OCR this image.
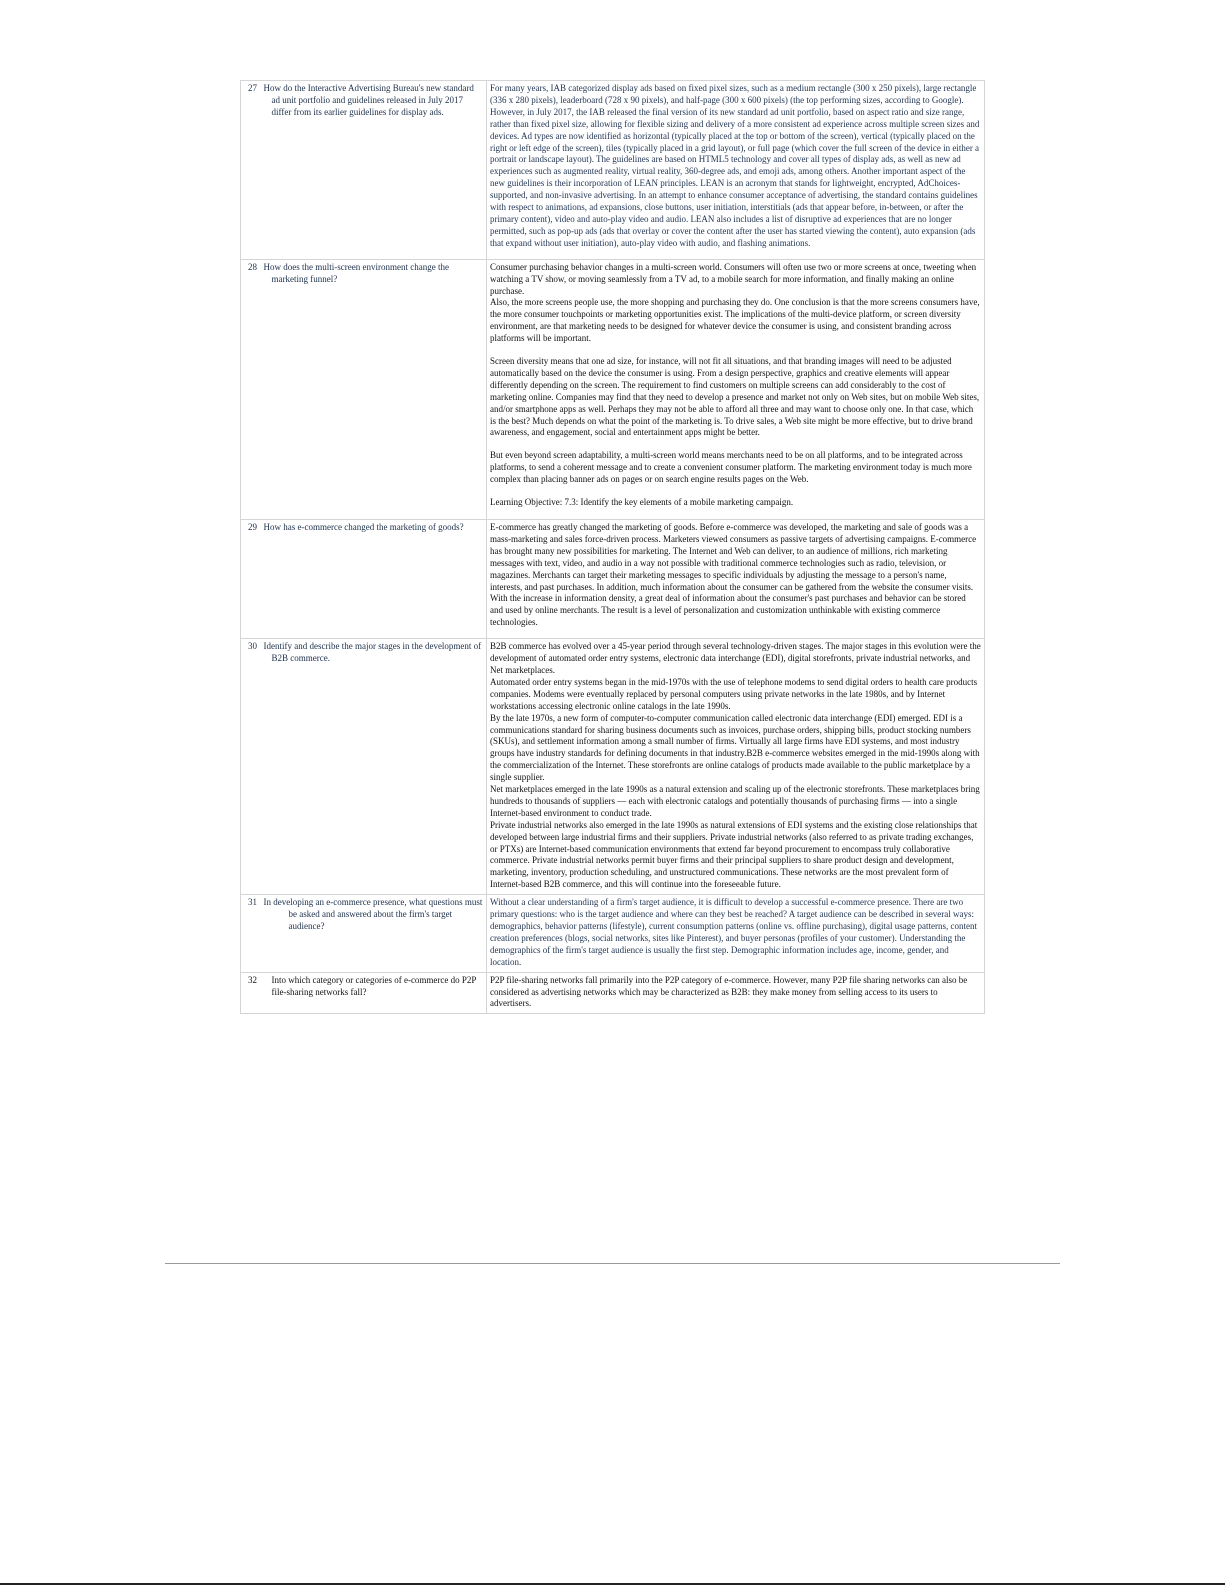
27	How do the Interactive Advertising Bureau's new standard ad unit portfolio and guidelines released in July 2017 differ from its earlier guidelines for display ads.	For many years, IAB categorized display ads based on fixed pixel sizes, such as a medium rectangle (300 x 250 pixels), large rectangle (336 x 280 pixels), leaderboard (728 x 90 pixels), and half-page (300 x 600 pixels) (the top performing sizes, according to Google). However, in July 2017, the IAB released the final version of its new standard ad unit portfolio, based on aspect ratio and size range, rather than fixed pixel size, allowing for flexible sizing and delivery of a more consistent ad experience across multiple screen sizes and devices. Ad types are now identified as horizontal (typically placed at the top or bottom of the screen), vertical (typically placed on the right or left edge of the screen), tiles (typically placed in a grid layout), or full page (which cover the full screen of the device in either a portrait or landscape layout). The guidelines are based on HTML5 technology and cover all types of display ads, as well as new ad experiences such as augmented reality, virtual reality, 360-degree ads, and emoji ads, among others. Another important aspect of the new guidelines is their incorporation of LEAN principles. LEAN is an acronym that stands for lightweight, encrypted, AdChoices-supported, and non-invasive advertising. In an attempt to enhance consumer acceptance of advertising, the standard contains guidelines with respect to animations, ad expansions, close buttons, user initiation, interstitials (ads that appear before, in-between, or after the primary content), video and auto-play video and audio. LEAN also includes a list of disruptive ad experiences that are no longer permitted, such as pop-up ads (ads that overlay or cover the content after the user has started viewing the content), auto expansion (ads that expand without user initiation), auto-play video with audio, and flashing animations.

28	How does the multi-screen environment change the marketing funnel?	Consumer purchasing behavior changes in a multi-screen world. Consumers will often use two or more screens at once, tweeting when watching a TV show, or moving seamlessly from a TV ad, to a mobile search for more information, and finally making an online purchase.
Also, the more screens people use, the more shopping and purchasing they do. One conclusion is that the more screens consumers have, the more consumer touchpoints or marketing opportunities exist. The implications of the multi-device platform, or screen diversity environment, are that marketing needs to be designed for whatever device the consumer is using, and consistent branding across platforms will be important.
Screen diversity means that one ad size, for instance, will not fit all situations, and that branding images will need to be adjusted automatically based on the device the consumer is using. From a design perspective, graphics and creative elements will appear differently depending on the screen. The requirement to find customers on multiple screens can add considerably to the cost of marketing online. Companies may find that they need to develop a presence and market not only on Web sites, but on mobile Web sites, and/or smartphone apps as well. Perhaps they may not be able to afford all three and may want to choose only one. In that case, which is the best? Much depends on what the point of the marketing is. To drive sales, a Web site might be more effective, but to drive brand awareness, and engagement, social and entertainment apps might be better.
But even beyond screen adaptability, a multi-screen world means merchants need to be on all platforms, and to be integrated across platforms, to send a coherent message and to create a convenient consumer platform. The marketing environment today is much more complex than placing banner ads on pages or on search engine results pages on the Web.
Learning Objective: 7.3: Identify the key elements of a mobile marketing campaign.

29	How has e-commerce changed the marketing of goods?	E-commerce has greatly changed the marketing of goods. Before e-commerce was developed, the marketing and sale of goods was a mass-marketing and sales force-driven process. Marketers viewed consumers as passive targets of advertising campaigns. E-commerce has brought many new possibilities for marketing. The Internet and Web can deliver, to an audience of millions, rich marketing messages with text, video, and audio in a way not possible with traditional commerce technologies such as radio, television, or magazines. Merchants can target their marketing messages to specific individuals by adjusting the message to a person's name, interests, and past purchases. In addition, much information about the consumer can be gathered from the website the consumer visits. With the increase in information density, a great deal of information about the consumer's past purchases and behavior can be stored and used by online merchants. The result is a level of personalization and customization unthinkable with existing commerce technologies.

30	Identify and describe the major stages in the development of B2B commerce.	B2B commerce has evolved over a 45-year period through several technology-driven stages. The major stages in this evolution were the development of automated order entry systems, electronic data interchange (EDI), digital storefronts, private industrial networks, and Net marketplaces.
Automated order entry systems began in the mid-1970s with the use of telephone modems to send digital orders to health care products companies. Modems were eventually replaced by personal computers using private networks in the late 1980s, and by Internet workstations accessing electronic online catalogs in the late 1990s.
By the late 1970s, a new form of computer-to-computer communication called electronic data interchange (EDI) emerged. EDI is a communications standard for sharing business documents such as invoices, purchase orders, shipping bills, product stocking numbers (SKUs), and settlement information among a small number of firms. Virtually all large firms have EDI systems, and most industry groups have industry standards for defining documents in that industry.B2B e-commerce websites emerged in the mid-1990s along with the commercialization of the Internet. These storefronts are online catalogs of products made available to the public marketplace by a single supplier.
Net marketplaces emerged in the late 1990s as a natural extension and scaling up of the electronic storefronts. These marketplaces bring hundreds to thousands of suppliers — each with electronic catalogs and potentially thousands of purchasing firms — into a single Internet-based environment to conduct trade.
Private industrial networks also emerged in the late 1990s as natural extensions of EDI systems and the existing close relationships that developed between large industrial firms and their suppliers. Private industrial networks (also referred to as private trading exchanges, or PTXs) are Internet-based communication environments that extend far beyond procurement to encompass truly collaborative commerce. Private industrial networks permit buyer firms and their principal suppliers to share product design and development, marketing, inventory, production scheduling, and unstructured communications. These networks are the most prevalent form of Internet-based B2B commerce, and this will continue into the foreseeable future.

31	In developing an e-commerce presence, what questions must be asked and answered about the firm's target audience?	Without a clear understanding of a firm's target audience, it is difficult to develop a successful e-commerce presence. There are two primary questions: who is the target audience and where can they best be reached? A target audience can be described in several ways: demographics, behavior patterns (lifestyle), current consumption patterns (online vs. offline purchasing), digital usage patterns, content creation preferences (blogs, social networks, sites like Pinterest), and buyer personas (profiles of your customer). Understanding the demographics of the firm's target audience is usually the first step. Demographic information includes age, income, gender, and location.

32	Into which category or categories of e-commerce do P2P file-sharing networks fall?	P2P file-sharing networks fall primarily into the P2P category of e-commerce. However, many P2P file sharing networks can also be considered as advertising networks which may be characterized as B2B: they make money from selling access to its users to advertisers.
